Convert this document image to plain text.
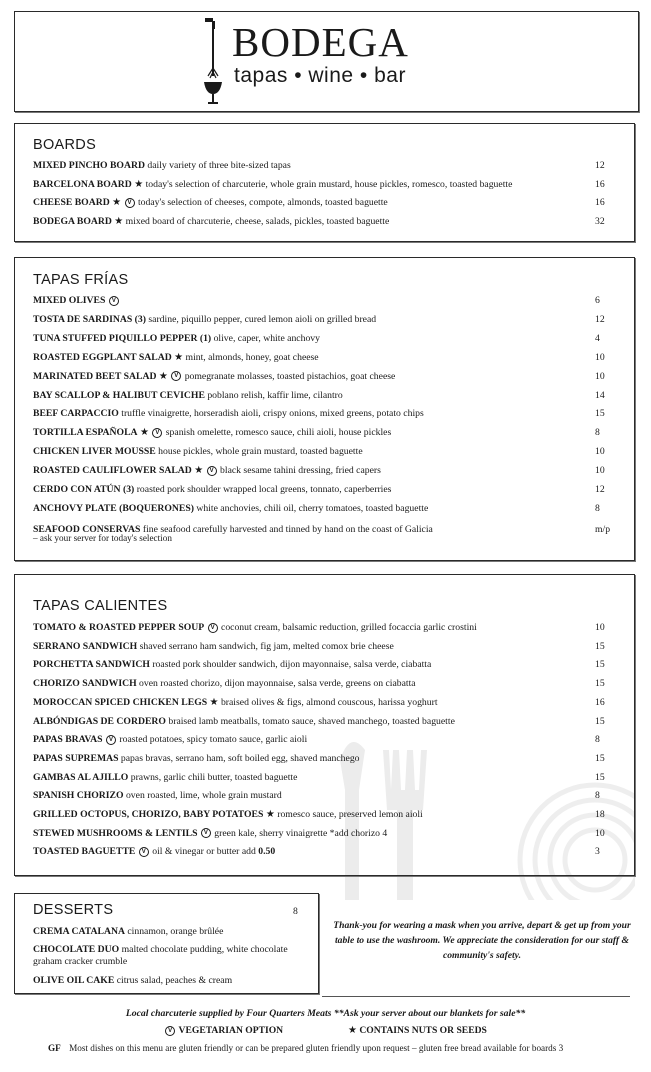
BODEGA
tapas • wine • bar
BOARDS
MIXED PINCHO BOARD daily variety of three bite-sized tapas	12
BARCELONA BOARD ★ today's selection of charcuterie, whole grain mustard, house pickles, romesco, toasted baguette	16
CHEESE BOARD ★ V today's selection of cheeses, compote, almonds, toasted baguette	16
BODEGA BOARD ★ mixed board of charcuterie, cheese, salads, pickles, toasted baguette	32
TAPAS FRÍAS
MIXED OLIVES V	6
TOSTA DE SARDINAS (3) sardine, piquillo pepper, cured lemon aioli on grilled bread	12
TUNA STUFFED PIQUILLO PEPPER (1) olive, caper, white anchovy	4
ROASTED EGGPLANT SALAD ★ mint, almonds, honey, goat cheese	10
MARINATED BEET SALAD ★ V pomegranate molasses, toasted pistachios, goat cheese	10
BAY SCALLOP & HALIBUT CEVICHE poblano relish, kaffir lime, cilantro	14
BEEF CARPACCIO truffle vinaigrette, horseradish aioli, crispy onions, mixed greens, potato chips	15
TORTILLA ESPAÑOLA ★ V spanish omelette, romesco sauce, chili aioli, house pickles	8
CHICKEN LIVER MOUSSE house pickles, whole grain mustard, toasted baguette	10
ROASTED CAULIFLOWER SALAD ★ V black sesame tahini dressing, fried capers	10
CERDO CON ATÚN (3) roasted pork shoulder wrapped local greens, tonnato, caperberries	12
ANCHOVY PLATE (BOQUERONES) white anchovies, chili oil, cherry tomatoes, toasted baguette	8
SEAFOOD CONSERVAS fine seafood carefully harvested and tinned by hand on the coast of Galicia	m/p
– ask your server for today's selection
TAPAS CALIENTES
TOMATO & ROASTED PEPPER SOUP V coconut cream, balsamic reduction, grilled focaccia garlic crostini	10
SERRANO SANDWICH shaved serrano ham sandwich, fig jam, melted comox brie cheese	15
PORCHETTA SANDWICH roasted pork shoulder sandwich, dijon mayonnaise, salsa verde, ciabatta	15
CHORIZO SANDWICH oven roasted chorizo, dijon mayonnaise, salsa verde, greens on ciabatta	15
MOROCCAN SPICED CHICKEN LEGS ★ braised olives & figs, almond couscous, harissa yoghurt	16
ALBÓNDIGAS DE CORDERO braised lamb meatballs, tomato sauce, shaved manchego, toasted baguette	15
PAPAS BRAVAS V roasted potatoes, spicy tomato sauce, garlic aioli	8
PAPAS SUPREMAS papas bravas, serrano ham, soft boiled egg, shaved manchego	15
GAMBAS AL AJILLO prawns, garlic chili butter, toasted baguette	15
SPANISH CHORIZO oven roasted, lime, whole grain mustard	8
GRILLED OCTOPUS, CHORIZO, BABY POTATOES ★ romesco sauce, preserved lemon aioli	18
STEWED MUSHROOMS & LENTILS V green kale, sherry vinaigrette *add chorizo 4	10
TOASTED BAGUETTE V oil & vinegar or butter add 0.50	3
DESSERTS	8
CREMA CATALANA cinnamon, orange brûlée
CHOCOLATE DUO malted chocolate pudding, white chocolate
graham cracker crumble
OLIVE OIL CAKE citrus salad, peaches & cream
Thank-you for wearing a mask when you arrive, depart & get up from your table to use the washroom. We appreciate the consideration for our staff & community's safety.
Local charcuterie supplied by Four Quarters Meats **Ask your server about our blankets for sale**
V VEGETARIAN OPTION	★ CONTAINS NUTS OR SEEDS
GF Most dishes on this menu are gluten friendly or can be prepared gluten friendly upon request – gluten free bread available for boards 3
